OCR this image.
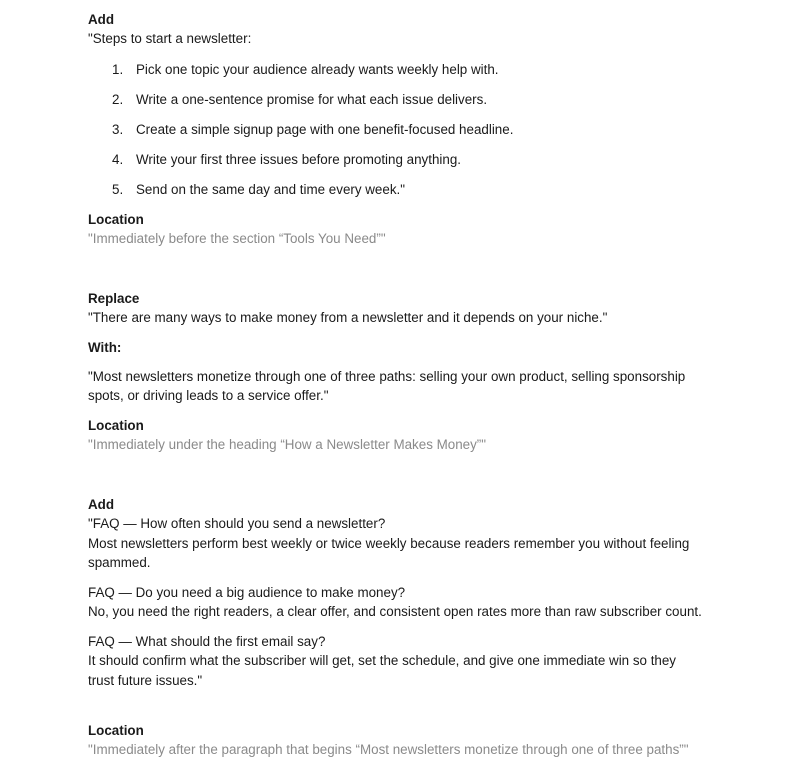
Add
"Steps to start a newsletter:
1. Pick one topic your audience already wants weekly help with.
2. Write a one-sentence promise for what each issue delivers.
3. Create a simple signup page with one benefit-focused headline.
4. Write your first three issues before promoting anything.
5. Send on the same day and time every week."
Location
"Immediately before the section “Tools You Need”"
Replace
"There are many ways to make money from a newsletter and it depends on your niche."
With:
"Most newsletters monetize through one of three paths: selling your own product, selling sponsorship
spots, or driving leads to a service offer."
Location
"Immediately under the heading “How a Newsletter Makes Money”"
Add
"FAQ — How often should you send a newsletter?
Most newsletters perform best weekly or twice weekly because readers remember you without feeling
spammed.
FAQ — Do you need a big audience to make money?
No, you need the right readers, a clear offer, and consistent open rates more than raw subscriber count.
FAQ — What should the first email say?
It should confirm what the subscriber will get, set the schedule, and give one immediate win so they
trust future issues."
Location
"Immediately after the paragraph that begins “Most newsletters monetize through one of three paths”"
